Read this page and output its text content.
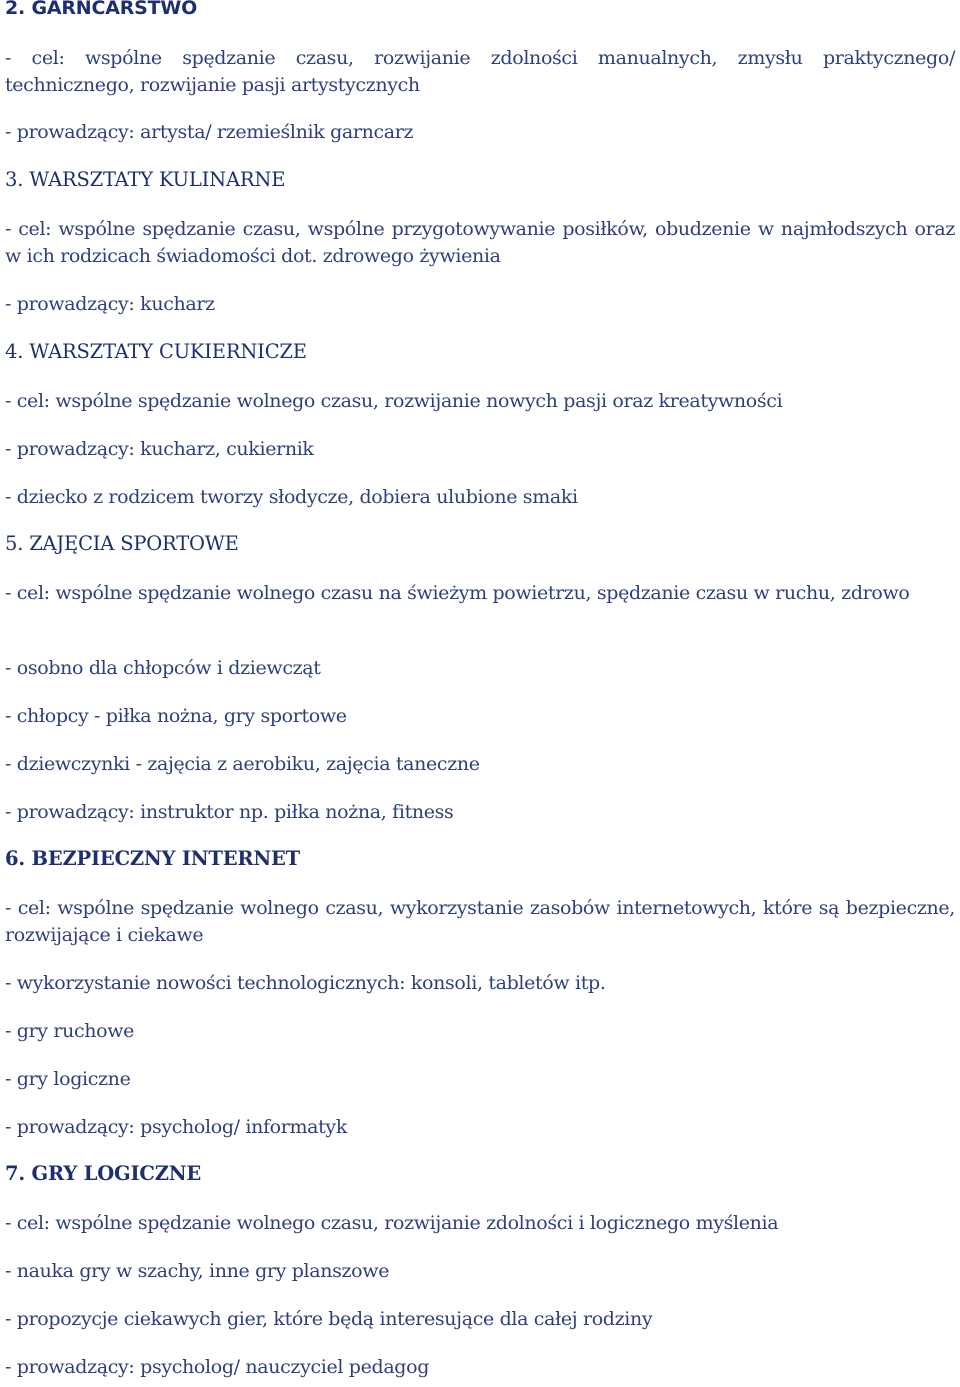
2. GARNCARSTWO
- cel: wspólne spędzanie czasu, rozwijanie zdolności manualnych, zmysłu praktycznego/ technicznego, rozwijanie pasji artystycznych
- prowadzący: artysta/ rzemieślnik garncarz
3. WARSZTATY KULINARNE
- cel: wspólne spędzanie czasu, wspólne przygotowywanie posiłków, obudzenie w najmłodszych oraz w ich rodzicach świadomości dot. zdrowego żywienia
- prowadzący: kucharz
4. WARSZTATY CUKIERNICZE
- cel: wspólne spędzanie wolnego czasu, rozwijanie nowych pasji oraz kreatywności
- prowadzący: kucharz, cukiernik
- dziecko z rodzicem tworzy słodycze, dobiera ulubione smaki
5. ZAJĘCIA SPORTOWE
- cel: wspólne spędzanie wolnego czasu na świeżym powietrzu, spędzanie czasu w ruchu, zdrowo
- osobno dla chłopców i dziewcząt
- chłopcy - piłka nożna, gry sportowe
- dziewczynki - zajęcia z aerobiku, zajęcia taneczne
- prowadzący: instruktor np. piłka nożna, fitness
6. BEZPIECZNY INTERNET
- cel: wspólne spędzanie wolnego czasu, wykorzystanie zasobów internetowych, które są bezpieczne, rozwijające i ciekawe
- wykorzystanie nowości technologicznych: konsoli, tabletów itp.
- gry ruchowe
- gry logiczne
- prowadzący: psycholog/ informatyk
7. GRY LOGICZNE
- cel: wspólne spędzanie wolnego czasu, rozwijanie zdolności i logicznego myślenia
- nauka gry w szachy, inne gry planszowe
- propozycje ciekawych gier, które będą interesujące dla całej rodziny
- prowadzący: psycholog/ nauczyciel pedagog
